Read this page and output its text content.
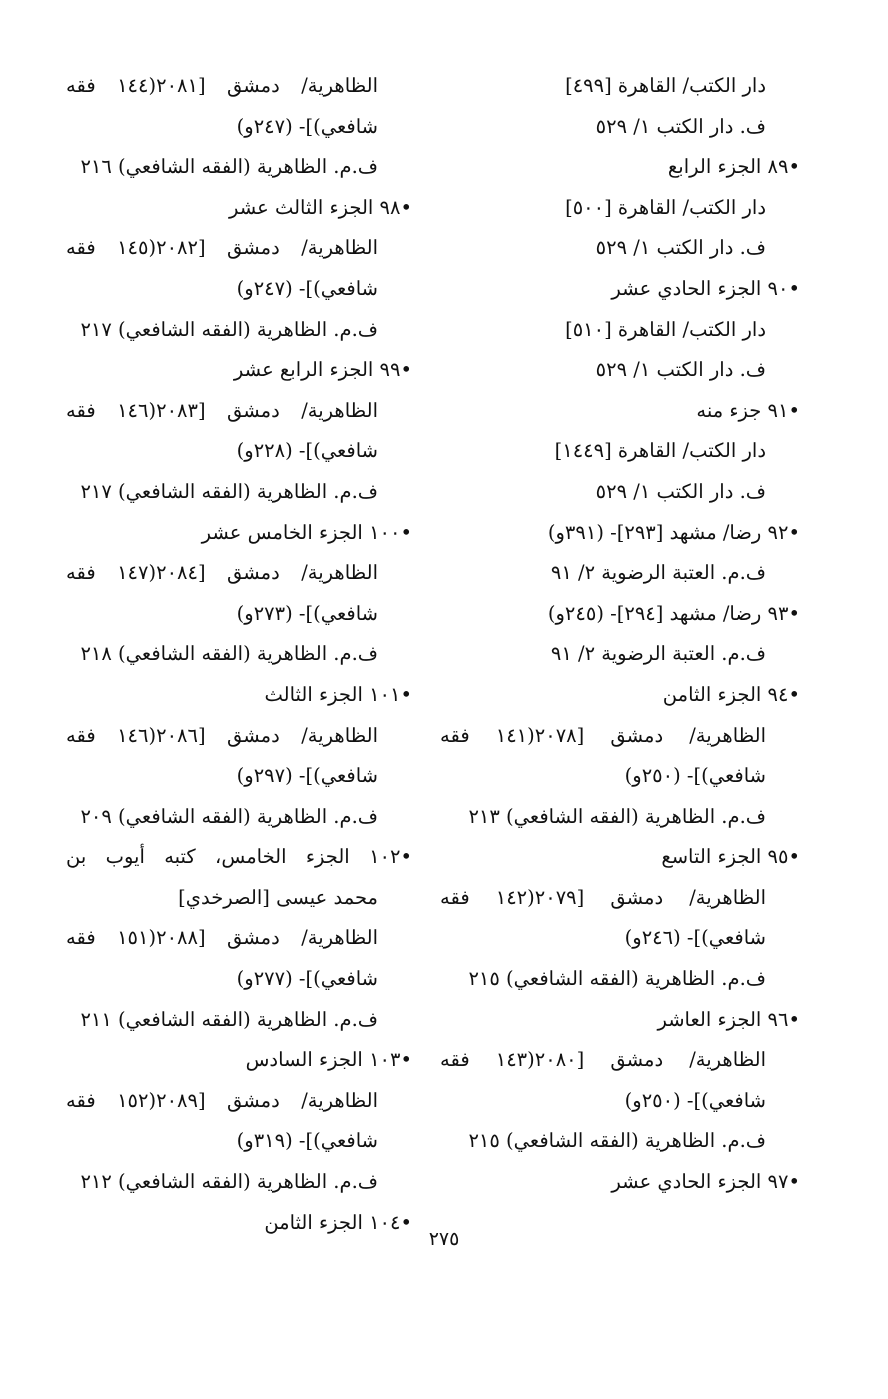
دار الكتب/ القاهرة [٤٩٩]
ف. دار الكتب ١/ ٥٢٩
•٨٩ الجزء الرابع
دار الكتب/ القاهرة [٥٠٠]
ف. دار الكتب ١/ ٥٢٩
•٩٠ الجزء الحادي عشر
دار الكتب/ القاهرة [٥١٠]
ف. دار الكتب ١/ ٥٢٩
•٩١ جزء منه
دار الكتب/ القاهرة [١٤٤٩]
ف. دار الكتب ١/ ٥٢٩
•٩٢ رضا/ مشهد [٢٩٣]- (٣٩١و)
ف.م. العتبة الرضوية ٢/ ٩١
•٩٣ رضا/ مشهد [٢٩٤]- (٢٤٥و)
ف.م. العتبة الرضوية ٢/ ٩١
•٩٤ الجزء الثامن
الظاهرية/ دمشق [٢٠٧٨(١٤١ فقه
شافعي)]- (٢٥٠و)
ف.م. الظاهرية (الفقه الشافعي) ٢١٣
•٩٥ الجزء التاسع
الظاهرية/ دمشق [٢٠٧٩(١٤٢ فقه
شافعي)]- (٢٤٦و)
ف.م. الظاهرية (الفقه الشافعي) ٢١٥
•٩٦ الجزء العاشر
الظاهرية/ دمشق [٢٠٨٠(١٤٣ فقه
شافعي)]- (٢٥٠و)
ف.م. الظاهرية (الفقه الشافعي) ٢١٥
•٩٧ الجزء الحادي عشر
الظاهرية/ دمشق [٢٠٨١(١٤٤ فقه
شافعي)]- (٢٤٧و)
ف.م. الظاهرية (الفقه الشافعي) ٢١٦
•٩٨ الجزء الثالث عشر
الظاهرية/ دمشق [٢٠٨٢(١٤٥ فقه
شافعي)]- (٢٤٧و)
ف.م. الظاهرية (الفقه الشافعي) ٢١٧
•٩٩ الجزء الرابع عشر
الظاهرية/ دمشق [٢٠٨٣(١٤٦ فقه
شافعي)]- (٢٢٨و)
ف.م. الظاهرية (الفقه الشافعي) ٢١٧
•١٠٠ الجزء الخامس عشر
الظاهرية/ دمشق [٢٠٨٤(١٤٧ فقه
شافعي)]- (٢٧٣و)
ف.م. الظاهرية (الفقه الشافعي) ٢١٨
•١٠١ الجزء الثالث
الظاهرية/ دمشق [٢٠٨٦(١٤٦ فقه
شافعي)]- (٢٩٧و)
ف.م. الظاهرية (الفقه الشافعي) ٢٠٩
•١٠٢ الجزء الخامس، كتبه أيوب بن
محمد عيسى [الصرخدي]
الظاهرية/ دمشق [٢٠٨٨(١٥١ فقه
شافعي)]- (٢٧٧و)
ف.م. الظاهرية (الفقه الشافعي) ٢١١
•١٠٣ الجزء السادس
الظاهرية/ دمشق [٢٠٨٩(١٥٢ فقه
شافعي)]- (٣١٩و)
ف.م. الظاهرية (الفقه الشافعي) ٢١٢
•١٠٤ الجزء الثامن
٢٧٥
